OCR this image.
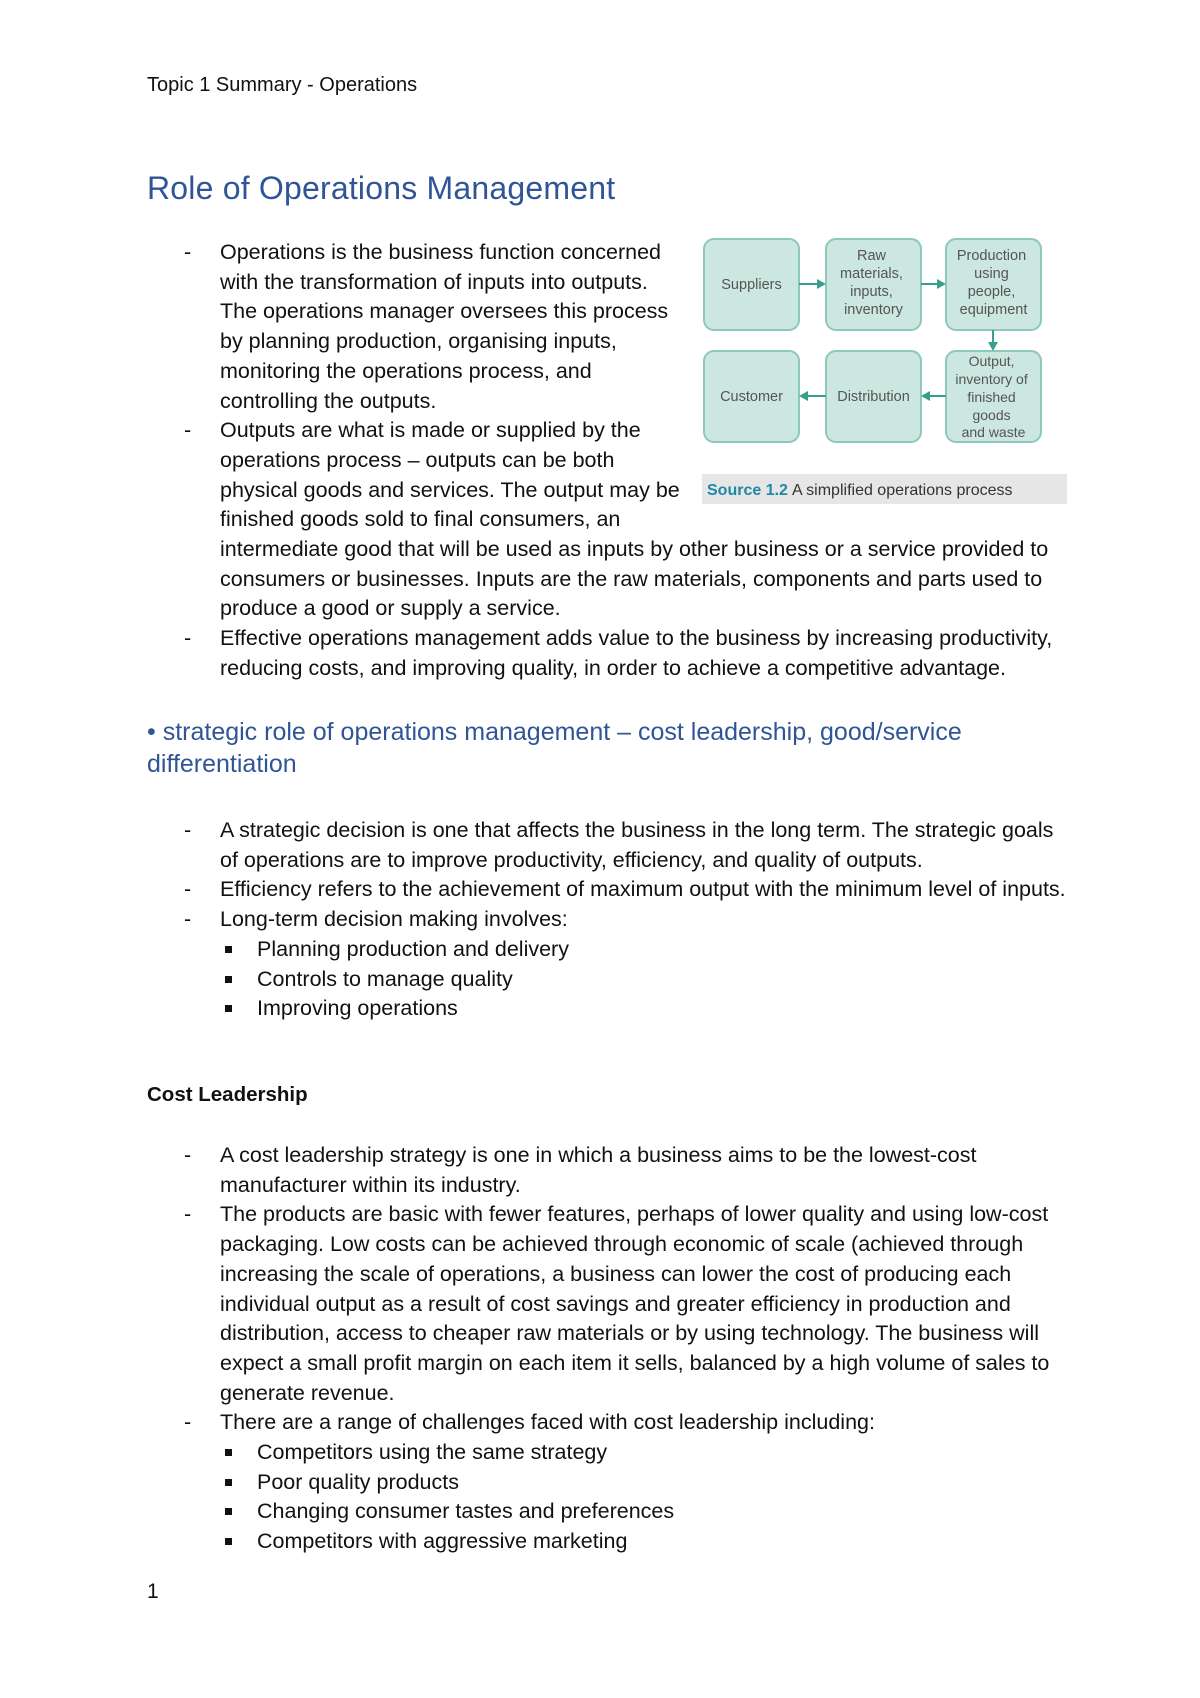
Topic 1 Summary - Operations
Role of Operations Management
Suppliers
Raw materials, inputs, inventory
Production using people, equipment
Customer	Distribution
Output, inventory of finished goods and waste
Source 1.2 A simplified operations process
- Operations is the business function concerned with the transformation of inputs into outputs. The operations manager oversees this process by planning production, organising inputs, monitoring the operations process, and controlling the outputs.
- Outputs are what is made or supplied by the operations process – outputs can be both physical goods and services. The output may be finished goods sold to final consumers, an intermediate good that will be used as inputs by other business or a service provided to consumers or businesses. Inputs are the raw materials, components and parts used to produce a good or supply a service.
- Effective operations management adds value to the business by increasing productivity, reducing costs, and improving quality, in order to achieve a competitive advantage.
• strategic role of operations management – cost leadership, good/service differentiation
- A strategic decision is one that affects the business in the long term. The strategic goals of operations are to improve productivity, efficiency, and quality of outputs.
- Efficiency refers to the achievement of maximum output with the minimum level of inputs.
- Long-term decision making involves:
Planning production and delivery
Controls to manage quality
Improving operations
Cost Leadership
- A cost leadership strategy is one in which a business aims to be the lowest-cost manufacturer within its industry.
- The products are basic with fewer features, perhaps of lower quality and using low-cost packaging. Low costs can be achieved through economic of scale (achieved through increasing the scale of operations, a business can lower the cost of producing each individual output as a result of cost savings and greater efficiency in production and distribution, access to cheaper raw materials or by using technology. The business will expect a small profit margin on each item it sells, balanced by a high volume of sales to generate revenue.
- There are a range of challenges faced with cost leadership including:
Competitors using the same strategy
Poor quality products
Changing consumer tastes and preferences
Competitors with aggressive marketing
1
